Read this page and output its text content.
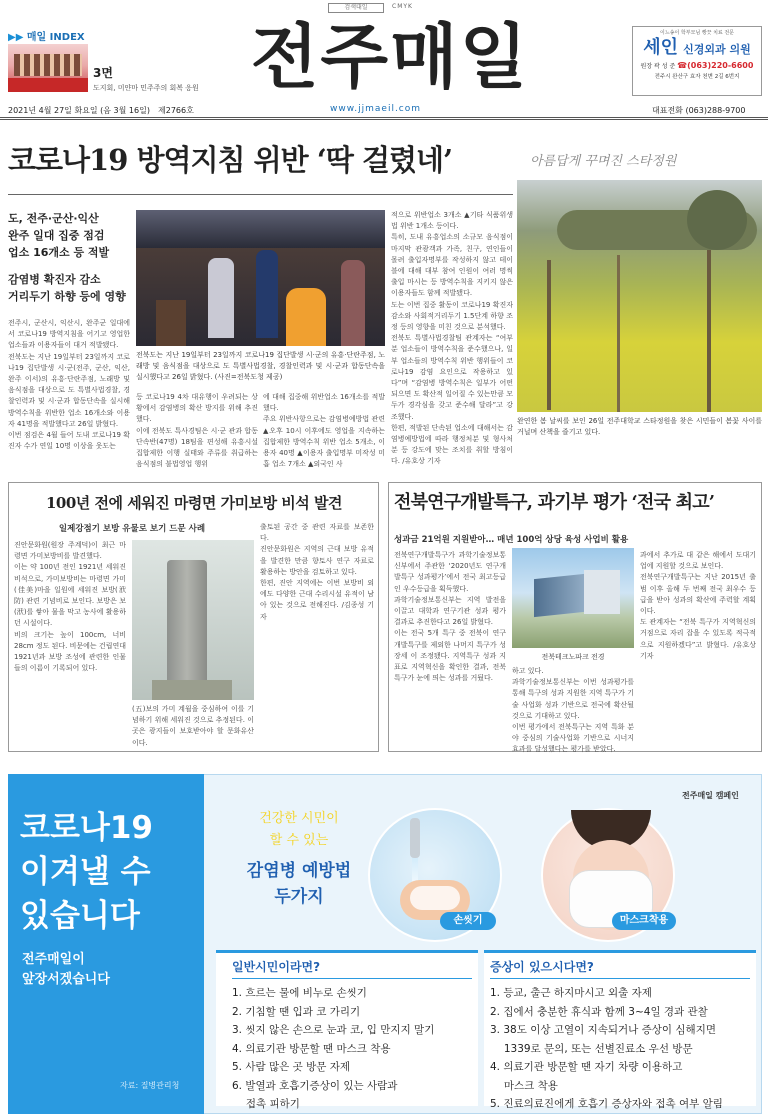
검색대일	CMYK
▶▶ 매일 INDEX
3면
도지회, 미얀마 민주주의 회복 응원 전주매일	이느송이 학부모님 빵끗 치료 전문
세인 신경외과 의원
원장 곽 성 준 ☎(063)220-6600
전주시 완산구 효자 천변 2길 6번지
2021년 4월 27일 화요일 (음 3월 16일) 제2766호	www.jjmaeil.com	대표전화 (063)288-9700
코로나19 방역지침 위반 ‘딱 걸렸네’
도, 전주·군산·익산
완주 일대 집중 점검
업소 16개소 등 적발
감염병 확진자 감소
거리두기 하향 등에 영향
전주시, 군산시, 익산시, 완주군 일대에서 코로나19 방역지침을 어기고 영업한 업소들과 이용자들이 대거 적발됐다.
전북도는 지난 19일부터 23일까지 코로나19 집단발생 시·군(전주, 군산, 익산, 완주 이서)의 유흥·단란주점, 노래방 및 음식점을 대상으로 도 특별사법경찰, 경찰인력과 및 시·군과 합동단속을 실시해 방역수칙을 위반한 업소 16개소와 이용자 41명을 적발했다고 26일 밝혔다.
이번 점검은 4월 들어 도내 코로나19 확진자 수가 연일 10명 이상을 웃도는
전북도는 지난 19일부터 23일까지 코로나19 집단발생 시·군의 유흥·단란주점, 노래방 및 음식점을 대상으로 도 특별사법경찰, 경찰인력과 및 시·군과 합동단속을 실시했다고 26일 밝혔다. (사진=전북도청 제공)
등 코로나19 4차 대유행이 우려되는 상황에서 감염병의 확산 방지를 위해 추진했다.
이에 전북도 특사경팀은 시·군 관과 합동단속반(47명) 18팀을 편성해 유흥시설 집합제한 이행 실태와 주류를 취급하는 음식점의 불법영업 행위
에 대해 집중해 위반업소 16개소를 적발했다.
주요 위반사항으로는 감염병예방법 관련 ▲오후 10시 이후에도 영업을 지속하는 집합제한 방역수칙 위반 업소 5개소, 이용자 40명 ▲이용자 출입명부 미작성 미흡 업소 7개소 ▲외국인 사
적으로 위반업소 3개소 ▲기타 식품위생법 위반 1개소 등이다.
특히, 도내 유흥업소의 소규모 음식점이 마지막 관광객과 가족, 친구, 연인들이 몰려 출입자명부를 작성하지 않고 테이블에 대해 대부 참여 인원이 여러 명씩 출입 마시는 등 방역수칙을 지키지 않은 이용자들도 함께 적발됐다.
도는 이번 집중 활동이 코로나19 확진자 감소와 사회적거리두기 1.5단계 하향 조정 등의 영향을 미친 것으로 분석했다.
전북도 특별사법경찰팀 관계자는 “여부분 업소들이 방역수칙을 준수했으나, 일부 업소들의 방역수칙 위반 행위들이 코로나19 감염 요인으로 작용하고 있다”며 “감염병 방역수칙은 일부가 어떤되으면 도 확산적 일어질 수 있는만큼 모두가 경각심을 갖고 준수해 달라”고 강조했다.
한편, 적발된 단속된 업소에 대해서는 감염병예방법에 따라 행정처분 및 형사처분 등 강도에 맞는 조치를 취할 방침이다. /유호상 기자
아름답게 꾸며진 스타정원
완연한 봄 날씨를 보인 26일 전주대학교 스타정원을 찾은 시민들이 봄꽃 사이를 거닐며 산책을 즐기고 있다.
100년 전에 세워진 마령면 가미보방 비석 발견
일제강점기 보방 유물로 보기 드문 사례
진안문화원(원장 주계덕)이 최근 마령면 가미보방비를 발견했다.
이는 약 100년 전인 1921년 세워진 비석으로, 가미보방비는 마령면 가미(佳美)마을 일원에 세워진 보방(洑防) 관련 기념비로 보인다. 보방은 보(洑)를 쌓아 물을 막고 농사에 활용하던 시설이다.
비의 크기는 높이 100cm, 너비 28cm 정도 된다. 비문에는 건립연대 1921년과 보방 조성에 관련한 인물들의 이름이 기록되어 있다.
(五)보의 가미 계월을 중심하여 이를 기념하기 위해 세워진 것으로 추정된다. 이곳은 광지들이 보호받아야 할 문화유산이다.
출토된 공간 중 관련 자료를 보존한다.
진안문화원은 지역의 근대 보방 유적을 발견한 만큼 향토사 연구 자료로 활용하는 방안을 검토하고 있다.
한편, 진안 지역에는 이번 보방비 외에도 다양한 근대 수리시설 유적이 남아 있는 것으로 전해진다. /김종성 기자
전북연구개발특구, 과기부 평가 ‘전국 최고’
성과금 21억원 지원받아… 매년 100억 상당 육성 사업비 활용
전북연구개발특구가 과학기술정보통신부에서 주관한 ‘2020년도 연구개발특구 성과평가’에서 전국 최고등급인 우수등급을 획득했다.
과학기술정보통신부는 지역 발전을 이끌고 대학과 연구기관 성과 평가 결과로 추진한다고 26일 밝혔다.
이는 전국 5개 특구 중 전북이 연구개발특구를 제외한 나머지 특구가 성장세 이 조정됐다. 지역특구 성과 지표로 지역혁신을 확인한 결과, 전북 특구가 눈에 띄는 성과를 거뒀다.
전북테크노파크 전경
하고 있다.
과학기술정보통신부는 이번 성과평가를 통해 특구의 성과 지원한 지역 특구가 기술 사업화 성과 기반으로 전국에 확산될 것으로 기대하고 있다.
이번 평가에서 전북특구는 지역 특화 분야 중심의 기술사업화 기반으로 시너지 효과를 달성했다는 평가를 받았다.
과에서 추가로 대 같은 해에서 도대기업에 지원할 것으로 보인다.
전북연구개발특구는 지난 2015년 출범 이후 올해 두 번째 전국 최우수 등급을 받아 성과의 확산에 주력할 계획이다.
도 관계자는 “전북 특구가 지역혁신의 거점으로 자리 잡을 수 있도록 적극적으로 지원하겠다”고 밝혔다. /유호상 기자
코로나19
이겨낼 수
있습니다
전주매일이
앞장서겠습니다
자료: 질병관리청
전주매일 캠페인
건강한 시민이
할 수 있는
감염병 예방법
두가지
손씻기	마스크착용
일반시민이라면?
1. 흐르는 물에 비누로 손씻기
2. 기침할 땐 입과 코 가리기
3. 씻지 않은 손으로 눈과 코, 입 만지지 말기
4. 의료기관 방문할 땐 마스크 착용
5. 사람 많은 곳 방문 자제
6. 발열과 호흡기증상이 있는 사람과
　 접촉 피하기
증상이 있으시다면?
1. 등교, 출근 하지마시고 외출 자제
2. 집에서 충분한 휴식과 함께 3~4일 경과 관찰
3. 38도 이상 고열이 지속되거나 증상이 심해지면
　 1339로 문의, 또는 선별진료소 우선 방문
4. 의료기관 방문할 땐 자기 차량 이용하고
　 마스크 착용
5. 진료의료진에게 호흡기 증상자와 접촉 여부 알림
